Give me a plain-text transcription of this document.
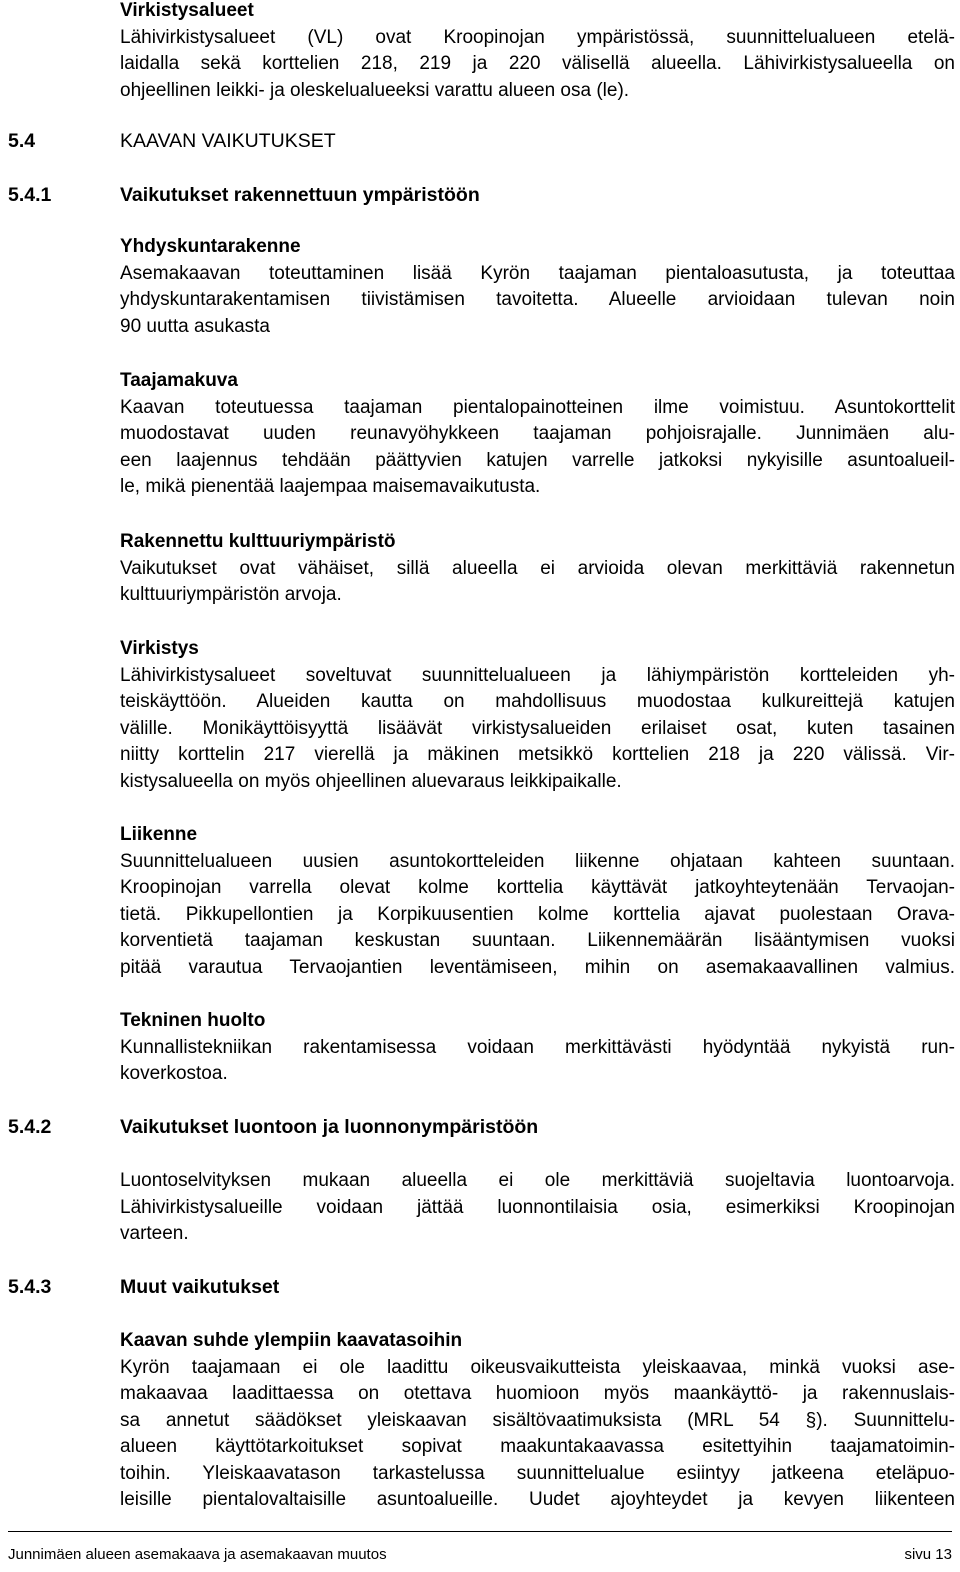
Virkistysalueet
Lähivirkistysalueet (VL) ovat Kroopinojan ympäristössä, suunnittelualueen etelä-
laidalla sekä korttelien 218, 219 ja 220 välisellä alueella. Lähivirkistysalueella on
ohjeellinen leikki- ja oleskelualueeksi varattu alueen osa (le).
5.4	KAAVAN VAIKUTUKSET
5.4.1	Vaikutukset rakennettuun ympäristöön
Yhdyskuntarakenne
Asemakaavan toteuttaminen lisää Kyrön taajaman pientaloasutusta, ja toteuttaa
yhdyskuntarakentamisen tiivistämisen tavoitetta. Alueelle arvioidaan tulevan noin
90 uutta asukasta
Taajamakuva
Kaavan toteutuessa taajaman pientalopainotteinen ilme voimistuu. Asuntokorttelit
muodostavat uuden reunavyöhykkeen taajaman pohjoisrajalle. Junnimäen alu-
een laajennus tehdään päättyvien katujen varrelle jatkoksi nykyisille asuntoalueil-
le, mikä pienentää laajempaa maisemavaikutusta.
Rakennettu kulttuuriympäristö
Vaikutukset ovat vähäiset, sillä alueella ei arvioida olevan merkittäviä rakennetun
kulttuuriympäristön arvoja.
Virkistys
Lähivirkistysalueet soveltuvat suunnittelualueen ja lähiympäristön kortteleiden yh-
teiskäyttöön. Alueiden kautta on mahdollisuus muodostaa kulkureittejä katujen
välille. Monikäyttöisyyttä lisäävät virkistysalueiden erilaiset osat, kuten tasainen
niitty korttelin 217 vierellä ja mäkinen metsikkö korttelien 218 ja 220 välissä. Vir-
kistysalueella on myös ohjeellinen aluevaraus leikkipaikalle.
Liikenne
Suunnittelualueen uusien asuntokortteleiden liikenne ohjataan kahteen suuntaan.
Kroopinojan varrella olevat kolme korttelia käyttävät jatkoyhteytenään Tervaojan-
tietä. Pikkupellontien ja Korpikuusentien kolme korttelia ajavat puolestaan Orava-
korventietä taajaman keskustan suuntaan. Liikennemäärän lisääntymisen vuoksi
pitää varautua Tervaojantien leventämiseen, mihin on asemakaavallinen valmius.
Tekninen huolto
Kunnallistekniikan rakentamisessa voidaan merkittävästi hyödyntää nykyistä run-
koverkostoa.
5.4.2	Vaikutukset luontoon ja luonnonympäristöön
Luontoselvityksen mukaan alueella ei ole merkittäviä suojeltavia luontoarvoja.
Lähivirkistysalueille voidaan jättää luonnontilaisia osia, esimerkiksi Kroopinojan
varteen.
5.4.3	Muut vaikutukset
Kaavan suhde ylempiin kaavatasoihin
Kyrön taajamaan ei ole laadittu oikeusvaikutteista yleiskaavaa, minkä vuoksi ase-
makaavaa laadittaessa on otettava huomioon myös maankäyttö- ja rakennuslais-
sa annetut säädökset yleiskaavan sisältövaatimuksista (MRL 54 §). Suunnittelu-
alueen käyttötarkoitukset sopivat maakuntakaavassa esitettyihin taajamatoimin-
toihin. Yleiskaavatason tarkastelussa suunnittelualue esiintyy jatkeena eteläpuo-
leisille pientalovaltaisille asuntoalueille. Uudet ajoyhteydet ja kevyen liikenteen
Junnimäen alueen asemakaava ja asemakaavan muutos	sivu 13
